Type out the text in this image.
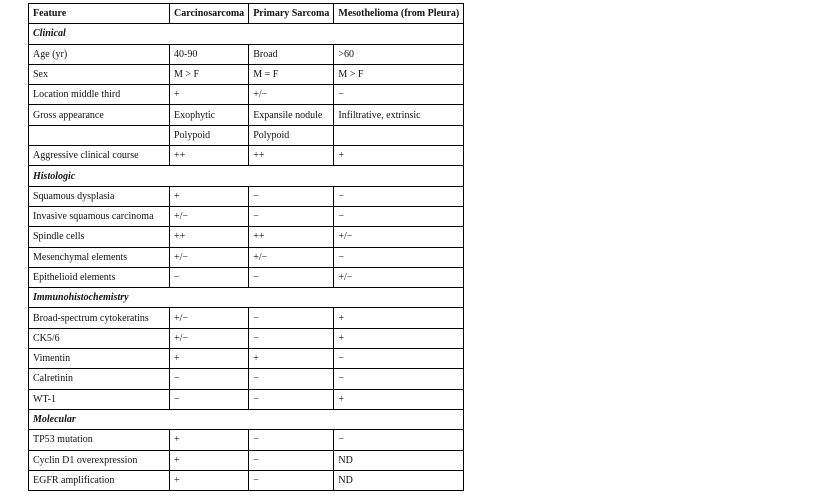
Feature	Carcinosarcoma	Primary Sarcoma	Mesothelioma (from Pleura)
Clinical			
Age (yr)	40-90	Broad	>60
Sex	M > F	M = F	M > F
Location middle third	+	+/−	−
Gross appearance	Exophytic	Expansile nodule	Infiltrative, extrinsic
	Polypoid	Polypoid	
Aggressive clinical course	++	++	+
Histologic			
Squamous dysplasia	+	−	−
Invasive squamous carcinoma	+/−	−	−
Spindle cells	++	++	+/−
Mesenchymal elements	+/−	+/−	−
Epithelioid elements	−	−	+/−
Immunohistochemistry			
Broad-spectrum cytokeratins	+/−	−	+
CK5/6	+/−	−	+
Vimentin	+	+	−
Calretinin	−	−	−
WT-1	−	−	+
Molecular			
TP53 mutation	+	−	−
Cyclin D1 overexpression	+	−	ND
EGFR amplification	+	−	ND
